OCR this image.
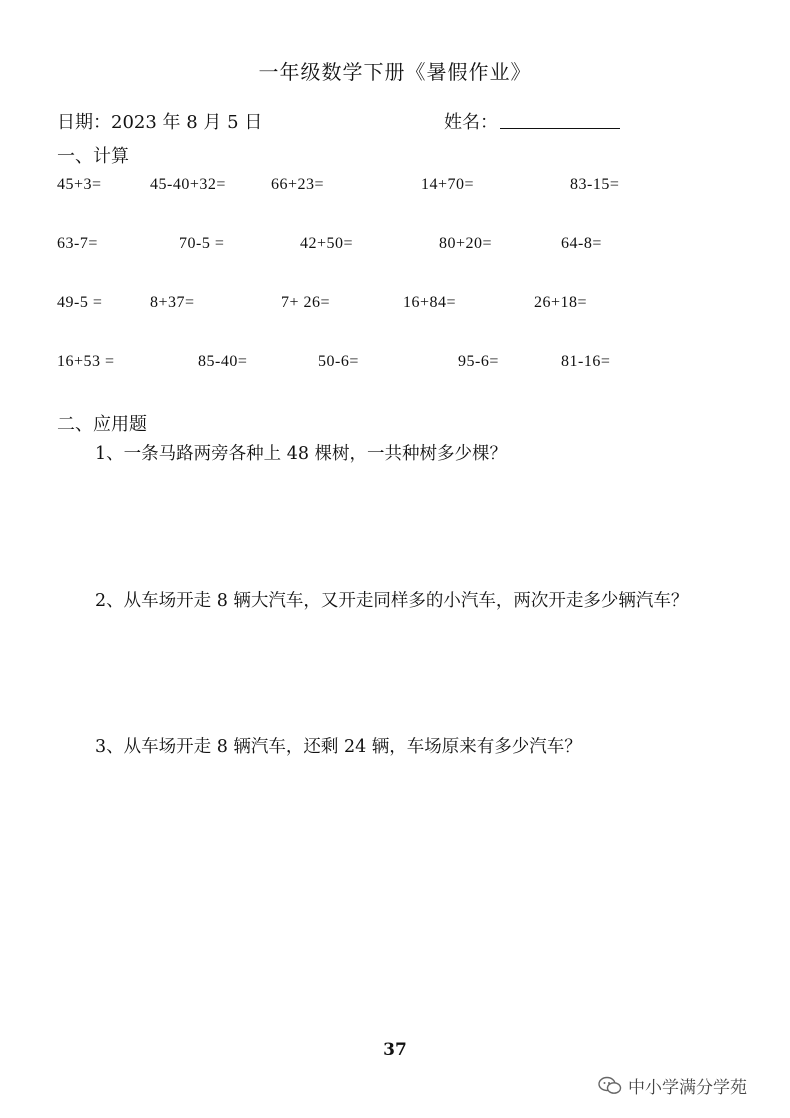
一年级数学下册《暑假作业》
日期：2023 年 8 月 5 日	姓名：
一、计算
45+3=	45-40+32=	66+23=	14+70=	83-15=
63-7=	70-5 =	42+50=	80+20=	64-8=
49-5 =	8+37=	7+ 26=	16+84=	26+18=
16+53 =	85-40=	50-6=	95-6=	81-16=
二、应用题
1、一条马路两旁各种上 48 棵树，一共种树多少棵？
2、从车场开走 8 辆大汽车，又开走同样多的小汽车，两次开走多少辆汽车？
3、从车场开走 8 辆汽车，还剩 24 辆，车场原来有多少汽车？
37
中小学满分学苑
